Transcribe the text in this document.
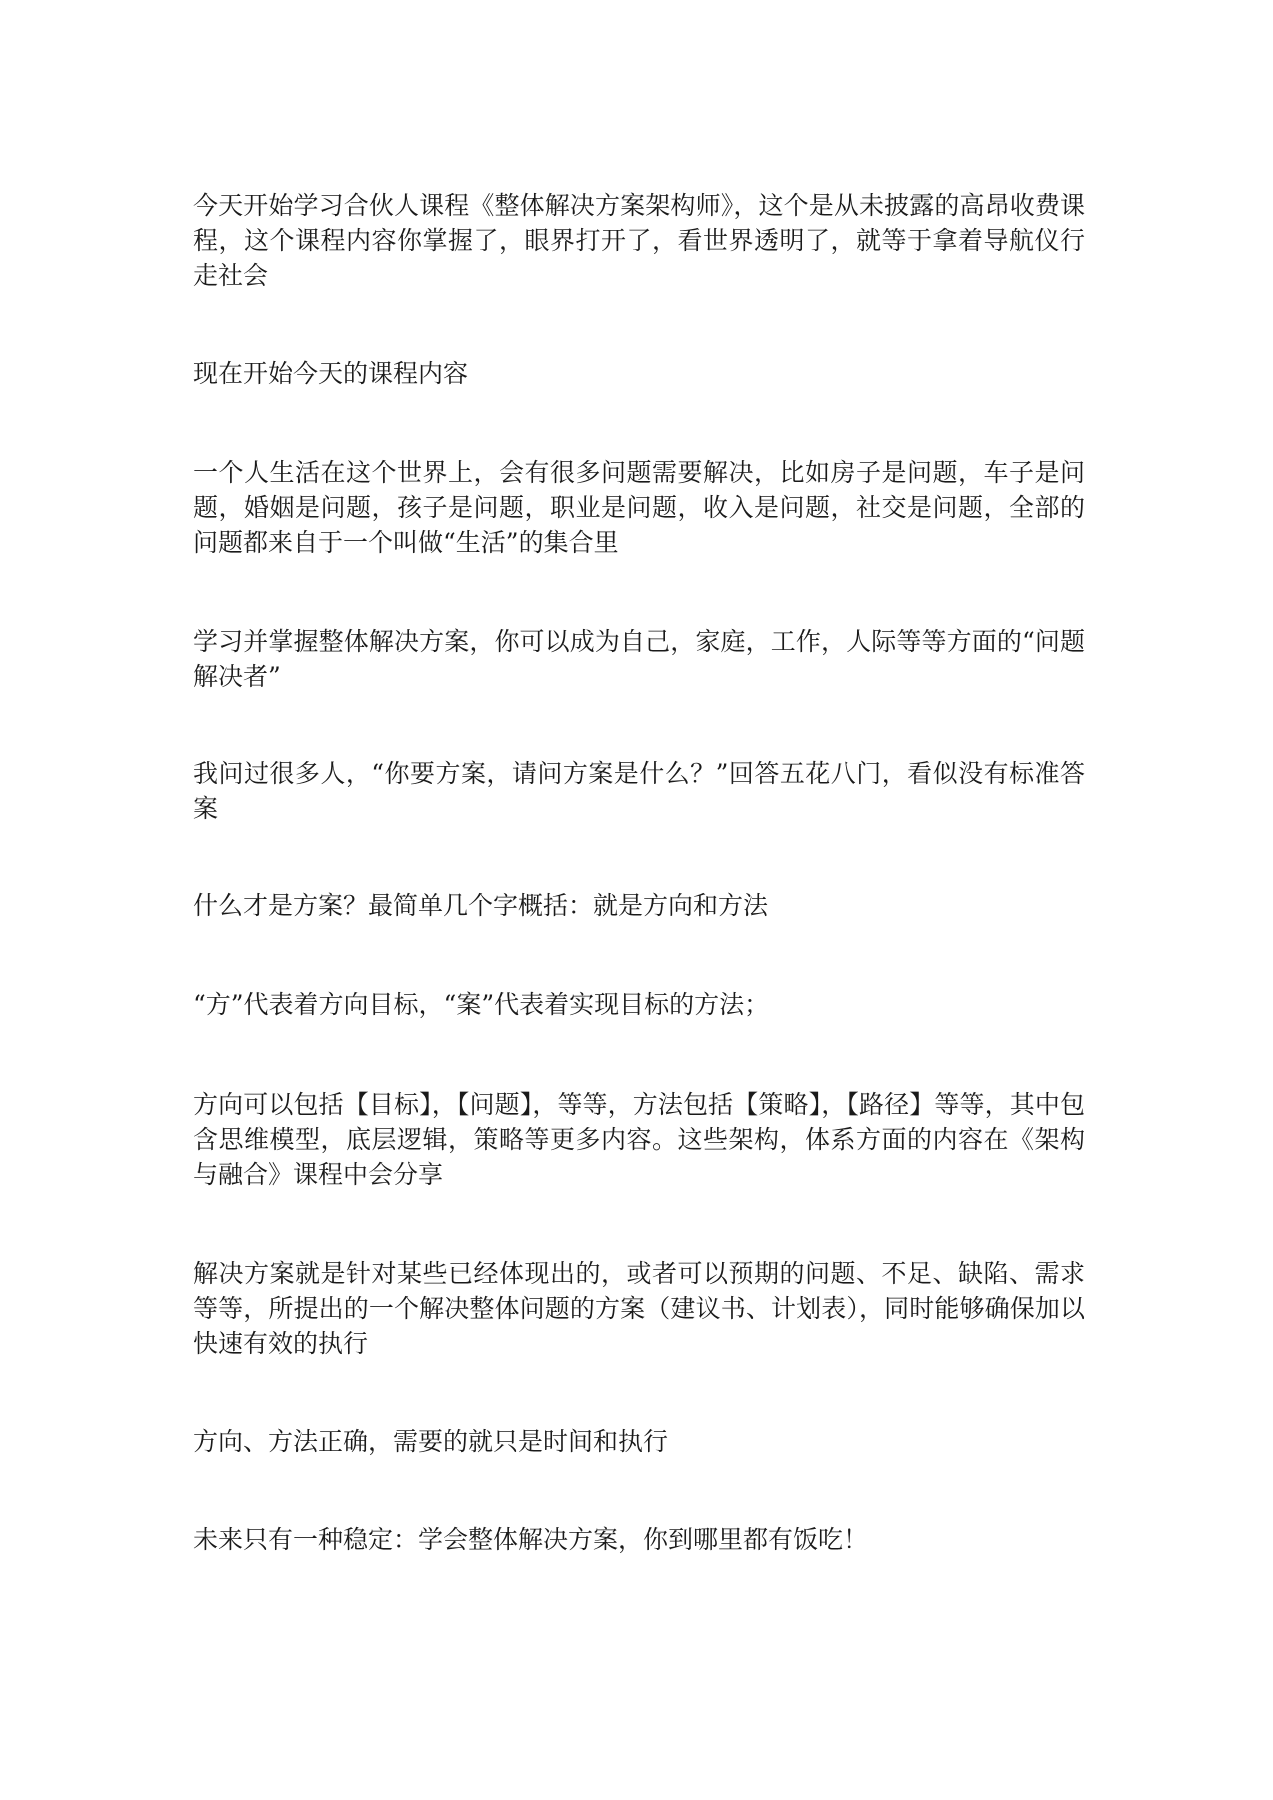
今天开始学习合伙人课程《整体解决方案架构师》，这个是从未披露的高昂收费课程，这个课程内容你掌握了，眼界打开了，看世界透明了，就等于拿着导航仪行走社会

现在开始今天的课程内容

一个人生活在这个世界上，会有很多问题需要解决，比如房子是问题，车子是问题，婚姻是问题，孩子是问题，职业是问题，收入是问题，社交是问题，全部的问题都来自于一个叫做“生活”的集合里

学习并掌握整体解决方案，你可以成为自己，家庭，工作，人际等等方面的“问题解决者”

我问过很多人，“你要方案，请问方案是什么？”回答五花八门，看似没有标准答案

什么才是方案？最简单几个字概括：就是方向和方法

“方”代表着方向目标，“案”代表着实现目标的方法；

方向可以包括【目标】，【问题】，等等，方法包括【策略】，【路径】等等，其中包含思维模型，底层逻辑，策略等更多内容。这些架构，体系方面的内容在《架构与融合》课程中会分享

解决方案就是针对某些已经体现出的，或者可以预期的问题、不足、缺陷、需求等等，所提出的一个解决整体问题的方案（建议书、计划表），同时能够确保加以快速有效的执行

方向、方法正确，需要的就只是时间和执行

未来只有一种稳定：学会整体解决方案，你到哪里都有饭吃！
